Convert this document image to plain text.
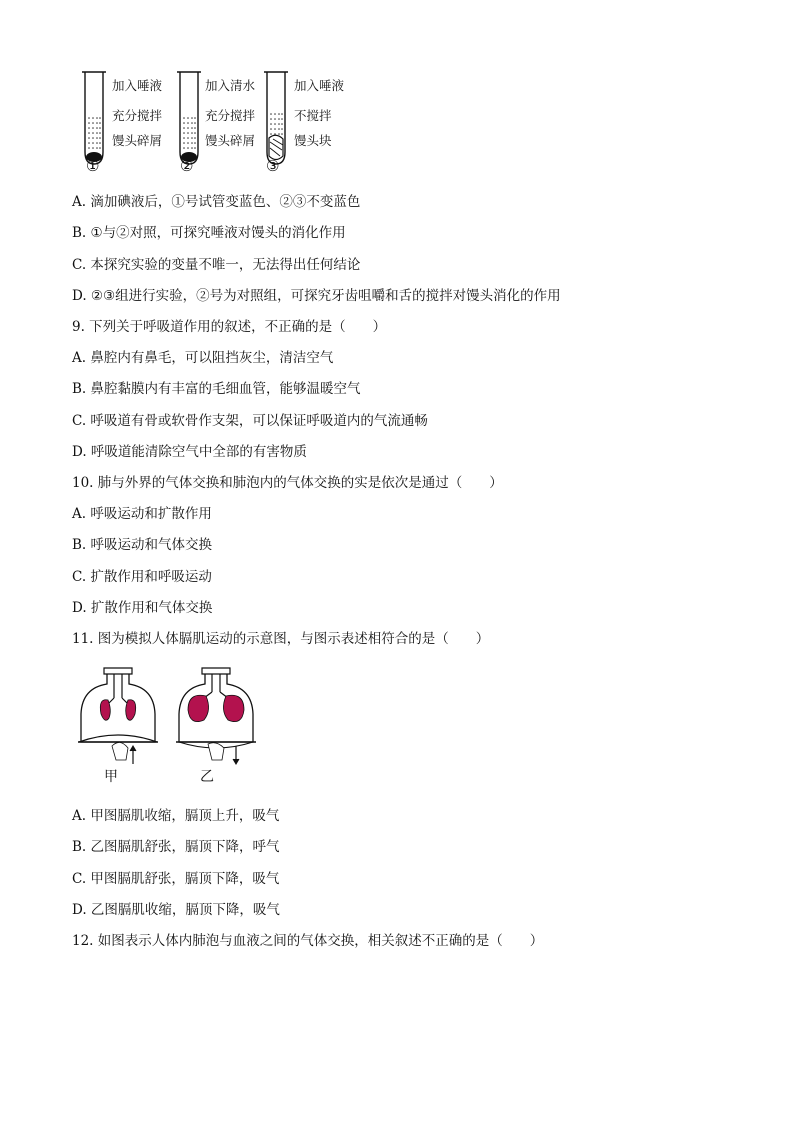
加入唾液
充分搅拌
馒头碎屑
①
加入清水
充分搅拌
馒头碎屑
②
加入唾液
不搅拌
馒头块
③
A. 滴加碘液后，①号试管变蓝色、②③不变蓝色
B. ①与②对照，可探究唾液对馒头的消化作用
C. 本探究实验的变量不唯一，无法得出任何结论
D. ②③组进行实验，②号为对照组，可探究牙齿咀嚼和舌的搅拌对馒头消化的作用
9. 下列关于呼吸道作用的叙述，不正确的是（　　）
A. 鼻腔内有鼻毛，可以阻挡灰尘，清洁空气
B. 鼻腔黏膜内有丰富的毛细血管，能够温暖空气
C. 呼吸道有骨或软骨作支架，可以保证呼吸道内的气流通畅
D. 呼吸道能清除空气中全部的有害物质
10. 肺与外界的气体交换和肺泡内的气体交换的实是依次是通过（　　）
A. 呼吸运动和扩散作用
B. 呼吸运动和气体交换
C. 扩散作用和呼吸运动
D. 扩散作用和气体交换
11. 图为模拟人体膈肌运动的示意图，与图示表述相符合的是（　　）
甲	乙
A. 甲图膈肌收缩，膈顶上升，吸气
B. 乙图膈肌舒张，膈顶下降，呼气
C. 甲图膈肌舒张，膈顶下降，吸气
D. 乙图膈肌收缩，膈顶下降，吸气
12. 如图表示人体内肺泡与血液之间的气体交换，相关叙述不正确的是（　　）
